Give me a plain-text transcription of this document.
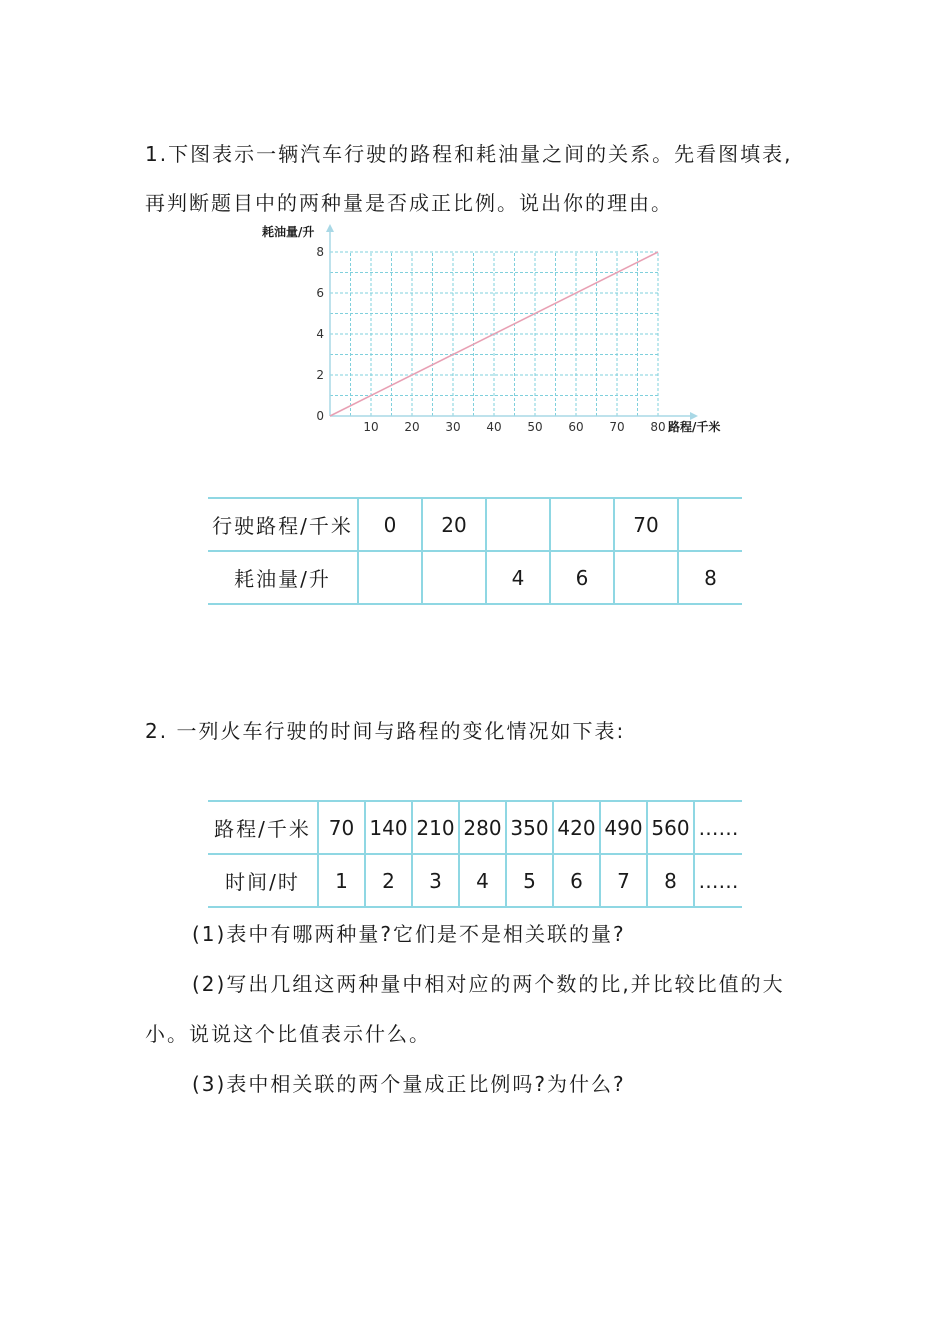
1.下图表示一辆汽车行驶的路程和耗油量之间的关系。先看图填表,
再判断题目中的两种量是否成正比例。说出你的理由。
耗油量/升
路程/千米
10 20 30 40 50 60 70 80
0
2
4
6
8
行驶路程/千米	0	20			70	
耗油量/升			4	6		8
2. 一列火车行驶的时间与路程的变化情况如下表:
路程/千米	70	140	210	280	350	420	490	560	……
时间/时	1	2	3	4	5	6	7	8	……
(1)表中有哪两种量?它们是不是相关联的量?
(2)写出几组这两种量中相对应的两个数的比,并比较比值的大
小。说说这个比值表示什么。
(3)表中相关联的两个量成正比例吗?为什么?
